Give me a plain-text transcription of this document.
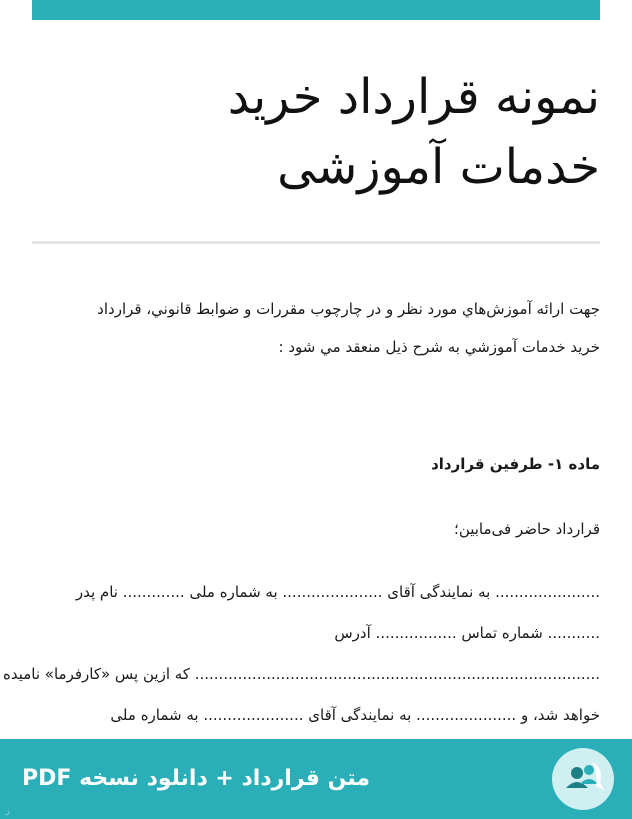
نمونه قرارداد خرید
خدمات آموزشی
جهت ارائه آموزش‌هاي مورد نظر و در چارچوب مقررات و ضوابط قانوني، قرارداد
خريد خدمات آموزشي به شرح ذيل منعقد مي شود :
ماده ۱- طرفین قرارداد
قرارداد حاضر فی‌مابین؛
...................... به نمایندگی آقای ..................... به شماره ملی ............. نام پدر
........... شماره تماس ................. آدرس
..................................................................................... که ازین پس «کارفرما» نامیده
خواهد شد، و ..................... به نمایندگی آقای ..................... به شماره ملی
متن قرارداد + دانلود نسخه PDF
ز
